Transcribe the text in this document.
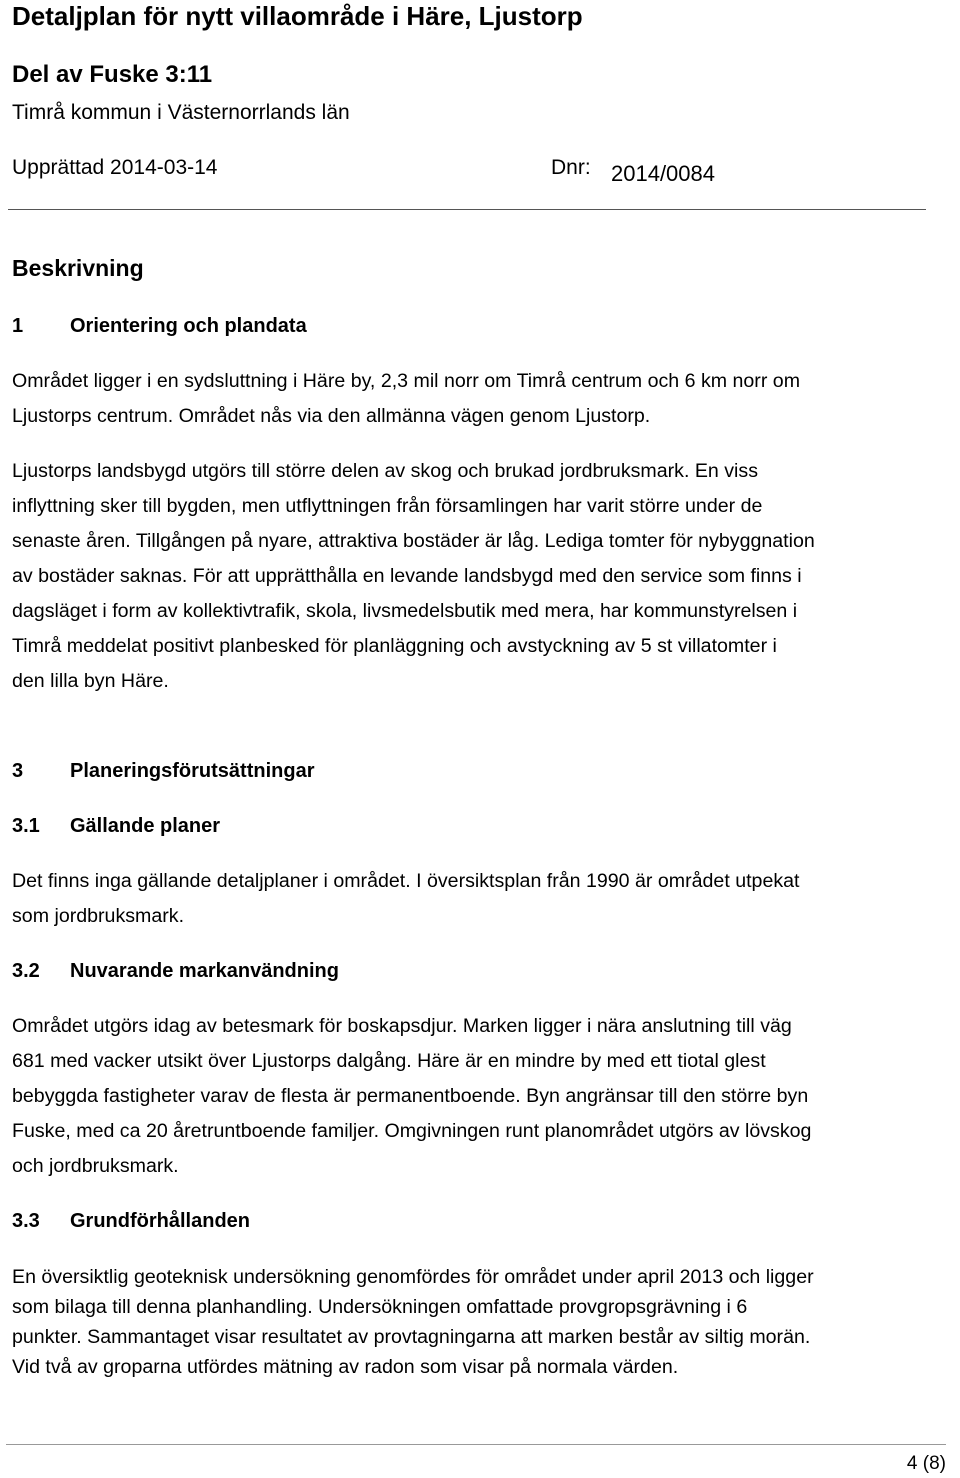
Detaljplan för nytt villaområde i Häre, Ljustorp
Del av Fuske 3:11
Timrå kommun i Västernorrlands län
Upprättad 2014-03-14	Dnr: 2014/0084
Beskrivning
1 Orientering och plandata
Området ligger i en sydsluttning i Häre by, 2,3 mil norr om Timrå centrum och 6 km norr om
Ljustorps centrum. Området nås via den allmänna vägen genom Ljustorp.
Ljustorps landsbygd utgörs till större delen av skog och brukad jordbruksmark. En viss
inflyttning sker till bygden, men utflyttningen från församlingen har varit större under de
senaste åren. Tillgången på nyare, attraktiva bostäder är låg. Lediga tomter för nybyggnation
av bostäder saknas. För att upprätthålla en levande landsbygd med den service som finns i
dagsläget i form av kollektivtrafik, skola, livsmedelsbutik med mera, har kommunstyrelsen i
Timrå meddelat positivt planbesked för planläggning och avstyckning av 5 st villatomter i
den lilla byn Häre.
3 Planeringsförutsättningar
3.1 Gällande planer
Det finns inga gällande detaljplaner i området. I översiktsplan från 1990 är området utpekat
som jordbruksmark.
3.2 Nuvarande markanvändning
Området utgörs idag av betesmark för boskapsdjur. Marken ligger i nära anslutning till väg
681 med vacker utsikt över Ljustorps dalgång. Häre är en mindre by med ett tiotal glest
bebyggda fastigheter varav de flesta är permanentboende. Byn angränsar till den större byn
Fuske, med ca 20 åretruntboende familjer. Omgivningen runt planområdet utgörs av lövskog
och jordbruksmark.
3.3 Grundförhållanden
En översiktlig geoteknisk undersökning genomfördes för området under april 2013 och ligger
som bilaga till denna planhandling. Undersökningen omfattade provgropsgrävning i 6
punkter. Sammantaget visar resultatet av provtagningarna att marken består av siltig morän.
Vid två av groparna utfördes mätning av radon som visar på normala värden.
4 (8)
